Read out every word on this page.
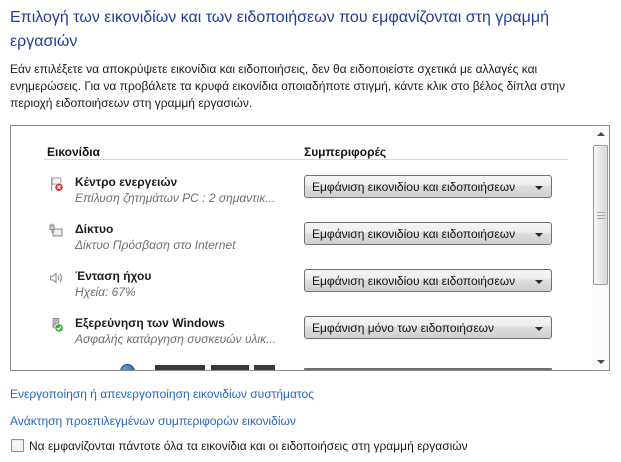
Επιλογή των εικονιδίων και των ειδοποιήσεων που εμφανίζονται στη γραμμή εργασιών
Εάν επιλέξετε να αποκρύψετε εικονίδια και ειδοποιήσεις, δεν θα ειδοποιείστε σχετικά με αλλαγές και ενημερώσεις. Για να προβάλετε τα κρυφά εικονίδια οποιαδήποτε στιγμή, κάντε κλικ στο βέλος δίπλα στην περιοχή ειδοποιήσεων στη γραμμή εργασιών.
Εικονίδια	Συμπεριφορές
Κέντρο ενεργειών
Επίλυση ζητημάτων PC : 2 σημαντικ...
Εμφάνιση εικονιδίου και ειδοποιήσεων
Δίκτυο
Δίκτυο Πρόσβαση στο Internet
Εμφάνιση εικονιδίου και ειδοποιήσεων
Ένταση ήχου
Ηχεία: 67%
Εμφάνιση εικονιδίου και ειδοποιήσεων
Εξερεύνηση των Windows
Ασφαλής κατάργηση συσκευών υλικ...
Εμφάνιση μόνο των ειδοποιήσεων
Ενεργοποίηση ή απενεργοποίηση εικονιδίων συστήματος
Ανάκτηση προεπιλεγμένων συμπεριφορών εικονιδίων
Να εμφανίζονται πάντοτε όλα τα εικονίδια και οι ειδοποιήσεις στη γραμμή εργασιών
